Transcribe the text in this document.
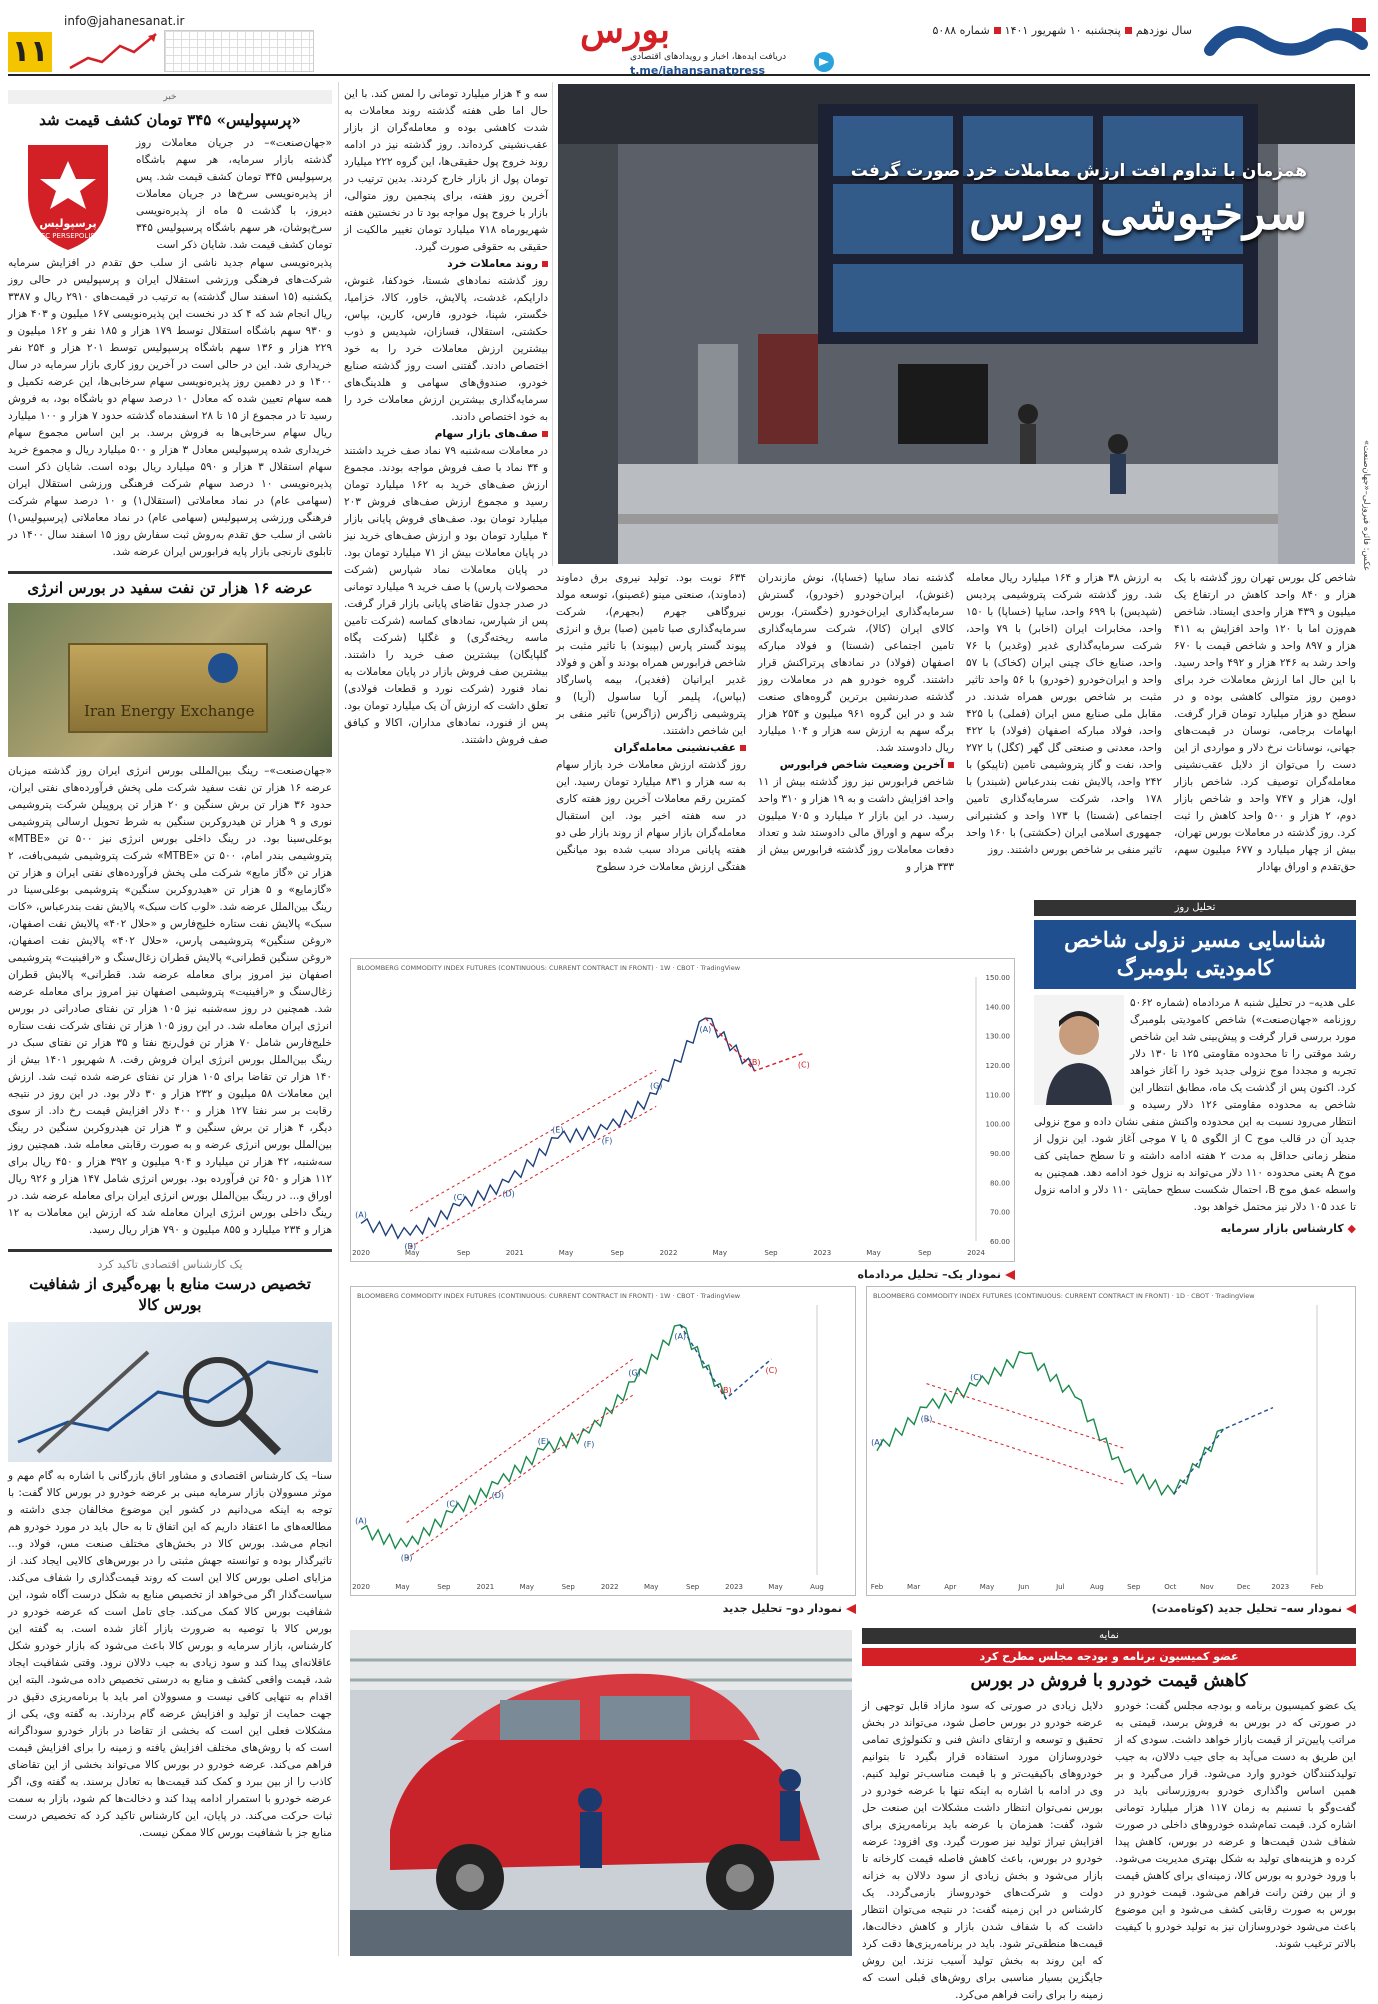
سال نوزدهمپنجشنبه ۱۰ شهریور ۱۴۰۱شماره ۵۰۸۸
دریافت ایده‌ها، اخبار و رویدادهای اقتصادی
t.me/jahansanatpress
بورس
info@jahanesanat.ir
۱۱
خبر
«پرسپولیس» ۳۴۵ تومان کشف قیمت شد

«جهان‌صنعت»– در جریان معاملات روز گذشته بازار سرمایه، هر سهم باشگاه پرسپولیس ۳۴۵ تومان کشف قیمت شد. پس از پذیره‌نویسی سرخ‌ها در جریان معاملات دیروز، با گذشت ۵ ماه از پذیره‌نویسی سرخ‌پوشان، هر سهم باشگاه پرسپولیس ۳۴۵ تومان کشف قیمت شد. شایان ذکر است

پرسپولیس
FC PERSEPOLIS

پذیره‌نویسی سهام جدید ناشی از سلب حق تقدم در افزایش سرمایه شرکت‌های فرهنگی ورزشی استقلال ایران و پرسپولیس در حالی روز یکشنبه (۱۵ اسفند سال گذشته) به ترتیب در قیمت‌های ۲۹۱۰ ریال و ۳۳۸۷ ریال انجام شد که ۴ کد در نخست این پذیره‌نویسی ۱۶۷ میلیون و ۴۰۳ هزار و ۹۳۰ سهم باشگاه استقلال توسط ۱۷۹ هزار و ۱۸۵ نفر و ۱۶۲ میلیون و ۲۲۹ هزار و ۱۳۶ سهم باشگاه پرسپولیس توسط ۲۰۱ هزار و ۲۵۴ نفر خریداری شد. این در حالی است در آخرین روز کاری بازار سرمایه در سال ۱۴۰۰ و در دهمین روز پذیره‌نویسی سهام سرخابی‌ها، این عرضه تکمیل و همه سهام تعیین شده که معادل ۱۰ درصد سهام دو باشگاه بود، به فروش رسید تا در مجموع از ۱۵ تا ۲۸ اسفندماه گذشته حدود ۷ هزار و ۱۰۰ میلیارد ریال سهام سرخابی‌ها به فروش برسد. بر این اساس مجموع سهام خریداری شده پرسپولیس معادل ۳ هزار و ۵۰۰ میلیارد ریال و مجموع خرید سهام استقلال ۳ هزار و ۵۹۰ میلیارد ریال بوده است. شایان ذکر است پذیره‌نویسی ۱۰ درصد سهام شرکت فرهنگی ورزشی استقلال ایران (سهامی عام) در نماد معاملاتی (استقلال۱) و ۱۰ درصد سهام شرکت فرهنگی ورزشی پرسپولیس (سهامی عام) در نماد معاملاتی (پرسپولیس۱) ناشی از سلب حق تقدم به‌روش ثبت سفارش روز ۱۵ اسفند سال ۱۴۰۰ در تابلوی نارنجی بازار پایه فرابورس ایران عرضه شد.

عرضه ۱۶ هزار تن نفت سفید در بورس انرژی
Iran Energy Exchange

«جهان‌صنعت»– رینگ بین‌المللی بورس انرژی ایران روز گذشته میزبان عرضه ۱۶ هزار تن نفت سفید شرکت ملی پخش فرآورده‌های نفتی ایران، حدود ۳۶ هزار تن برش سنگین و ۲۰ هزار تن پروپیلن شرکت پتروشیمی نوری و ۹ هزار تن هیدروکربن سنگین به شرط تحویل ارسالی پتروشیمی بوعلی‌سینا بود. در رینگ داخلی بورس انرژی نیز ۵۰۰ تن «MTBE» پتروشیمی بندر امام، ۵۰۰ تن «MTBE» شرکت پتروشیمی شیمی‌بافت، ۲ هزار تن «گاز مایع» شرکت ملی پخش فرآورده‌های نفتی ایران و هزار تن «گازمایع» و ۵ هزار تن «هیدروکربن سنگین» پتروشیمی بوعلی‌سینا در رینگ بین‌الملل عرضه شد. «لوب کات سبک» پالایش نفت بندرعباس، «کات سبک» پالایش نفت ستاره خلیج‌فارس و «حلال ۴۰۲» پالایش نفت اصفهان، «روغن سنگین» پتروشیمی پارس، «حلال ۴۰۲» پالایش نفت اصفهان، «روغن سنگین قطرانی» پالایش قطران زغال‌سنگ و «رافینیت» پتروشیمی اصفهان نیز امروز برای معامله عرضه شد. قطرانی» پالایش قطران زغال‌سنگ و «رافینیت» پتروشیمی اصفهان نیز امروز برای معامله عرضه شد. همچنین در روز سه‌شنبه نیز ۱۰۵ هزار تن نفتای صادراتی در بورس انرژی ایران معامله شد. در این روز ۱۰۵ هزار تن نفتای شرکت نفت ستاره خلیج‌فارس شامل ۷۰ هزار تن فول‌رنج نفتا و ۳۵ هزار تن نفتای سبک در رینگ بین‌الملل بورس انرژی ایران فروش رفت. ۸ شهریور ۱۴۰۱ بیش از ۱۴۰ هزار تن تقاضا برای ۱۰۵ هزار تن نفتای عرضه شده ثبت شد. ارزش این معاملات ۵۸ میلیون و ۲۳۲ هزار و ۳۰ دلار بود. در این روز در نتیجه رقابت بر سر نفتا ۱۲۷ هزار و ۴۰۰ دلار افزایش قیمت رخ داد. از سوی دیگر، ۴ هزار تن برش سنگین و ۳ هزار تن هیدروکربن سنگین در رینگ بین‌الملل بورس انرژی عرضه و به صورت رقابتی معامله شد. همچنین روز سه‌شنبه، ۴۲ هزار تن میلیارد و ۹۰۴ میلیون و ۳۹۲ هزار و ۴۵۰ ریال برای ۱۱۲ هزار و ۶۵۰ تن فرآورده بود. بورس انرژی شامل ۱۴۷ هزار و ۹۲۶ ریال اوراق و... در رینگ بین‌الملل بورس انرژی ایران برای معامله عرضه شد. در رینگ داخلی بورس انرژی ایران معامله شد که ارزش این معاملات به ۱۲ هزار و ۲۳۴ میلیارد و ۸۵۵ میلیون و ۷۹۰ هزار ریال رسید.

یک کارشناس اقتصادی تاکید کرد
تخصیص درست منابع با بهره‌گیری از شفافیت بورس کالا

سنا– یک کارشناس اقتصادی و مشاور اتاق بازرگانی با اشاره به گام مهم و موثر مسوولان بازار سرمایه مبنی بر عرضه خودرو در بورس کالا گفت: با توجه به اینکه می‌دانیم در کشور این موضوع مخالفان جدی داشته و مطالعه‌های ما اعتقاد داریم که این اتفاق تا به حال باید در مورد خودرو هم انجام می‌شد. بورس کالا در بخش‌های مختلف صنعت مس، فولاد و... تاثیرگذار بوده و توانسته جهش مثبتی را در بورس‌های کالایی ایجاد کند. از مزایای اصلی بورس کالا این است که روند قیمت‌گذاری را شفاف می‌کند. سیاست‌گذار اگر می‌خواهد از تخصیص منابع به شکل درست آگاه شود، این شفافیت بورس کالا کمک می‌کند. جای تامل است که عرضه خودرو در بورس کالا با توصیه به ضرورت بازار آغاز شده است. به گفته این کارشناس، بازار سرمایه و بورس کالا باعث می‌شود که بازار خودرو شکل عاقلانه‌ای پیدا کند و سود زیادی به جیب دلالان نرود. وقتی شفافیت ایجاد شد، قیمت واقعی کشف و منابع به درستی تخصیص داده می‌شود. البته این اقدام به تنهایی کافی نیست و مسوولان امر باید با برنامه‌ریزی دقیق در جهت حمایت از تولید و افزایش عرضه گام بردارند. به گفته وی، یکی از مشکلات فعلی این است که بخشی از تقاضا در بازار خودرو سوداگرانه است که با روش‌های مختلف افزایش یافته و زمینه را برای افزایش قیمت فراهم می‌کند. عرضه خودرو در بورس کالا می‌تواند بخشی از این تقاضای کاذب را از بین ببرد و کمک کند قیمت‌ها به تعادل برسند. به گفته وی، اگر عرضه خودرو با استمرار ادامه پیدا کند و دخالت‌ها کم شود، بازار به سمت ثبات حرکت می‌کند. در پایان، این کارشناس تاکید کرد که تخصیص درست منابع جز با شفافیت بورس کالا ممکن نیست.

همزمان با تداوم افت ارزش معاملات خرد صورت گرفت
سرخپوشی بورس
عکس: فائزه فیروزلی–«جهان‌صنعت»

سه و ۴ هزار میلیارد تومانی را لمس کند. با این حال اما طی هفته گذشته روند معاملات به شدت کاهشی بوده و معامله‌گران از بازار عقب‌نشینی کرده‌اند. روز گذشته نیز در ادامه روند خروج پول حقیقی‌ها، این گروه ۲۲۲ میلیارد تومان پول از بازار خارج کردند. بدین ترتیب در آخرین روز هفته، برای پنجمین روز متوالی، بازار با خروج پول مواجه بود تا در نخستین هفته شهریورماه ۷۱۸ میلیارد تومان تغییر مالکیت از حقیقی به حقوقی صورت گیرد.

روند معاملات خرد

روز گذشته نمادهای شستا، خودکفا، غنوش، دارایکم، غدشت، پالایش، خاور، کالا، خزامیا، خگستر، شپنا، خودرو، فارس، کارین، بپاس، حکشتی، استقلال، فسازان، شپدیس و ذوب بیشترین ارزش معاملات خرد را به خود اختصاص دادند. گفتنی است روز گذشته صنایع خودرو، صندوق‌های سهامی و هلدینگ‌های سرمایه‌گذاری بیشترین ارزش معاملات خرد را به خود اختصاص دادند.

صف‌های بازار سهام

در معاملات سه‌شنبه ۷۹ نماد صف خرید داشتند و ۳۴ نماد با صف فروش مواجه بودند. مجموع ارزش صف‌های خرید به ۱۶۲ میلیارد تومان رسید و مجموع ارزش صف‌های فروش ۲۰۳ میلیارد تومان بود. صف‌های فروش پایانی بازار ۴ میلیارد تومان بود و ارزش صف‌های خرید نیز در پایان معاملات بیش از ۷۱ میلیارد تومان بود. در پایان معاملات نماد شپارس (شرکت محصولات پارس) با صف خرید ۹ میلیارد تومانی در صدر جدول تقاضای پایانی بازار قرار گرفت. پس از شپارس، نمادهای کماسه (شرکت تامین ماسه ریخته‌گری) و غگلپا (شرکت پگاه گلپایگان) بیشترین صف خرید را داشتند. بیشترین صف فروش بازار در پایان معاملات به نماد فنورد (شرکت نورد و قطعات فولادی) تعلق داشت که ارزش آن یک میلیارد تومان بود. پس از فنورد، نمادهای مداران، اکالا و کیافق صف فروش داشتند.

شاخص کل بورس تهران روز گذشته با یک هزار و ۸۴۰ واحد کاهش در ارتفاع یک میلیون و ۴۳۹ هزار واحدی ایستاد. شاخص هم‌وزن اما با ۱۲۰ واحد افزایش به ۴۱۱ هزار و ۸۹۷ واحد و شاخص قیمت با ۶۷۰ واحد رشد به ۲۴۶ هزار و ۴۹۲ واحد رسید. با این حال اما ارزش معاملات خرد برای دومین روز متوالی کاهشی بوده و در سطح دو هزار میلیارد تومان قرار گرفت. ابهامات برجامی، نوسان در قیمت‌های جهانی، نوسانات نرخ دلار و مواردی از این دست را می‌توان از دلایل عقب‌نشینی معامله‌گران توصیف کرد. شاخص بازار اول، هزار و ۷۴۷ واحد و شاخص بازار دوم، ۲ هزار و ۵۰۰ واحد کاهش را ثبت کرد. روز گذشته در معاملات بورس تهران، بیش از چهار میلیارد و ۶۷۷ میلیون سهم، حق‌تقدم و اوراق بهادار

به ارزش ۳۸ هزار و ۱۶۴ میلیارد ریال معامله شد. روز گذشته شرکت پتروشیمی پردیس (شپدیس) با ۶۹۹ واحد، سایپا (خساپا) با ۱۵۰ واحد، مخابرات ایران (اخابر) با ۷۹ واحد، شرکت سرمایه‌گذاری غدیر (وغدیر) با ۷۶ واحد، صنایع خاک چینی ایران (کخاک) با ۵۷ واحد و ایران‌خودرو (خودرو) با ۵۶ واحد تاثیر مثبت بر شاخص بورس همراه شدند. در مقابل ملی صنایع مس ایران (فملی) با ۴۲۵ واحد، فولاد مبارکه اصفهان (فولاد) با ۴۲۲ واحد، معدنی و صنعتی گل گهر (کگل) با ۲۷۲ واحد، نفت و گاز پتروشیمی تامین (تاپیکو) با ۲۴۲ واحد، پالایش نفت بندرعباس (شبندر) با ۱۷۸ واحد، شرکت سرمایه‌گذاری تامین اجتماعی (شستا) با ۱۷۳ واحد و کشتیرانی جمهوری اسلامی ایران (حکشتی) با ۱۶۰ واحد تاثیر منفی بر شاخص بورس داشتند. روز

گذشته نماد سایپا (خساپا)، نوش مازندران (غنوش)، ایران‌خودرو (خودرو)، گسترش سرمایه‌گذاری ایران‌خودرو (خگستر)، بورس کالای ایران (کالا)، شرکت سرمایه‌گذاری تامین اجتماعی (شستا) و فولاد مبارکه اصفهان (فولاد) در نمادهای پرتراکنش قرار داشتند. گروه خودرو هم در معاملات روز گذشته صدرنشین برترین گروه‌های صنعت شد و در این گروه ۹۶۱ میلیون و ۲۵۴ هزار برگه سهم به ارزش سه هزار و ۱۰۴ میلیارد ریال دادوستد شد.

آخرین وضعیت شاخص فرابورس

شاخص فرابورس نیز روز گذشته بیش از ۱۱ واحد افزایش داشت و به ۱۹ هزار و ۳۱۰ واحد رسید. در این بازار ۲ میلیارد و ۷۰۵ میلیون برگه سهم و اوراق مالی دادوستد شد و تعداد دفعات معاملات روز گذشته فرابورس بیش از ۳۳۳ هزار و

۶۳۴ نوبت بود. تولید نیروی برق دماوند (دماوند)، صنعتی مینو (غصینو)، توسعه مولد نیروگاهی جهرم (بجهرم)، شرکت سرمایه‌گذاری صبا تامین (صبا) برق و انرژی پیوند گستر پارس (بپیوند) با تاثیر مثبت بر شاخص فرابورس همراه بودند و آهن و فولاد غدیر ایرانیان (فغدیر)، بیمه پاسارگاد (بپاس)، پلیمر آریا ساسول (آریا) و پتروشیمی زاگرس (زاگرس) تاثیر منفی بر این شاخص داشتند.

عقب‌نشینی معامله‌گران

روز گذشته ارزش معاملات خرد بازار سهام به سه هزار و ۸۳۱ میلیارد تومان رسید. این کمترین رقم معاملات آخرین روز هفته کاری در سه هفته اخیر بود. این استقبال معامله‌گران بازار سهام از روند بازار طی دو هفته پایانی مرداد سبب شده بود میانگین هفتگی ارزش معاملات خرد سطوح

تحلیل روز
شناسایی مسیر نزولی شاخص کامودیتی بلومبرگ

علی هدیه– در تحلیل شنبه ۸ مردادماه (شماره ۵۰۶۲ روزنامه «جهان‌صنعت») شاخص کامودیتی بلومبرگ مورد بررسی قرار گرفت و پیش‌بینی شد این شاخص رشد موقتی را تا محدوده مقاومتی ۱۲۵ تا ۱۳۰ دلار تجربه و مجددا موج نزولی جدید خود را آغاز خواهد کرد. اکنون پس از گذشت یک ماه، مطابق انتظار این شاخص به محدوده مقاومتی ۱۲۶ دلار رسیده و انتظار می‌رود نسبت به این محدوده واکنش منفی نشان داده و موج نزولی جدید آن در قالب موج C از الگوی ۵ یا ۷ موجی آغاز شود. این نزول از منظر زمانی حداقل به مدت ۲ هفته ادامه داشته و تا سطح حمایتی کف موج A یعنی محدوده ۱۱۰ دلار می‌تواند به نزول خود ادامه دهد. همچنین به واسطه عمق موج B، احتمال شکست سطح حمایتی ۱۱۰ دلار و ادامه نزول تا عدد ۱۰۵ دلار نیز محتمل خواهد بود.

◆ کارشناس بازار سرمایه
BLOOMBERG COMMODITY INDEX FUTURES (CONTINUOUS: CURRENT CONTRACT IN FRONT) · 1W · CBOT · TradingView
2020	May	Sep	2021	May	Sep	2022	May	Sep	2023	May	Sep	2024
150.00
140.00
130.00
120.00
110.00
100.00
90.00
80.00
70.00
60.00
(A)
(B)
(C)	(D)
(E)
(F)
(G)
(A)
(B)	(C)
نمودار یک– تحلیل مردادماه
BLOOMBERG COMMODITY INDEX FUTURES (CONTINUOUS: CURRENT CONTRACT IN FRONT) · 1D · CBOT · TradingView
Feb	Mar	Apr	May	Jun	Jul	Aug	Sep	Oct	Nov	Dec	2023	Feb
(A)
(B)
(C)
نمودار سه– تحلیل جدید (کوتاه‌مدت)
BLOOMBERG COMMODITY INDEX FUTURES (CONTINUOUS: CURRENT CONTRACT IN FRONT) · 1W · CBOT · TradingView
2020	May	Sep	2021	May	Sep	2022	May	Sep	2023	May	Aug
(A)
(B)
(C)
(D)
(E)	(F)
(G)
(A)
(B)
(C)
نمودار دو– تحلیل جدید
نمایه
عضو کمیسیون برنامه و بودجه مجلس مطرح کرد
کاهش قیمت خودرو با فروش در بورس

یک عضو کمیسیون برنامه و بودجه مجلس گفت: خودرو در صورتی که در بورس به فروش برسد، قیمتی به مراتب پایین‌تر از قیمت بازار خواهد داشت. سودی که از این طریق به دست می‌آید به جای جیب دلالان، به جیب تولیدکنندگان خودرو وارد می‌شود. قرار می‌گیرد و بر همین اساس واگذاری خودرو به‌روزرسانی باید در گفت‌وگو با تسنیم به زمان ۱۱۷ هزار میلیارد تومانی اشاره کرد. قیمت تمام‌شده خودروهای داخلی در صورت شفاف شدن قیمت‌ها و عرضه در بورس، کاهش پیدا کرده و هزینه‌های تولید به شکل بهتری مدیریت می‌شود. با ورود خودرو به بورس کالا، زمینه‌ای برای کاهش قیمت و از بین رفتن رانت فراهم می‌شود. قیمت خودرو در بورس به صورت رقابتی کشف می‌شود و این موضوع باعث می‌شود خودروسازان نیز به تولید خودرو با کیفیت بالاتر ترغیب شوند.

دلایل زیادی در صورتی که سود مازاد قابل توجهی از عرضه خودرو در بورس حاصل شود، می‌تواند در بخش تحقیق و توسعه و ارتقای دانش فنی و تکنولوژی تمامی خودروسازان مورد استفاده قرار بگیرد تا بتوانیم خودروهای باکیفیت‌تر و با قیمت مناسب‌تر تولید کنیم. وی در ادامه با اشاره به اینکه تنها با عرضه خودرو در بورس نمی‌توان انتظار داشت مشکلات این صنعت حل شود، گفت: همزمان با عرضه باید برنامه‌ریزی برای افزایش تیراژ تولید نیز صورت گیرد. وی افزود: عرضه خودرو در بورس، باعث کاهش فاصله قیمت کارخانه تا بازار می‌شود و بخش زیادی از سود دلالان به خزانه دولت و شرکت‌های خودروساز بازمی‌گردد. یک کارشناس در این زمینه گفت: در نتیجه می‌توان انتظار داشت که با شفاف شدن بازار و کاهش دخالت‌ها، قیمت‌ها منطقی‌تر شود. باید در برنامه‌ریزی‌ها دقت کرد که این روند به بخش تولید آسیب نزند. این روش جایگزین بسیار مناسبی برای روش‌های قبلی است که زمینه را برای رانت فراهم می‌کرد.
